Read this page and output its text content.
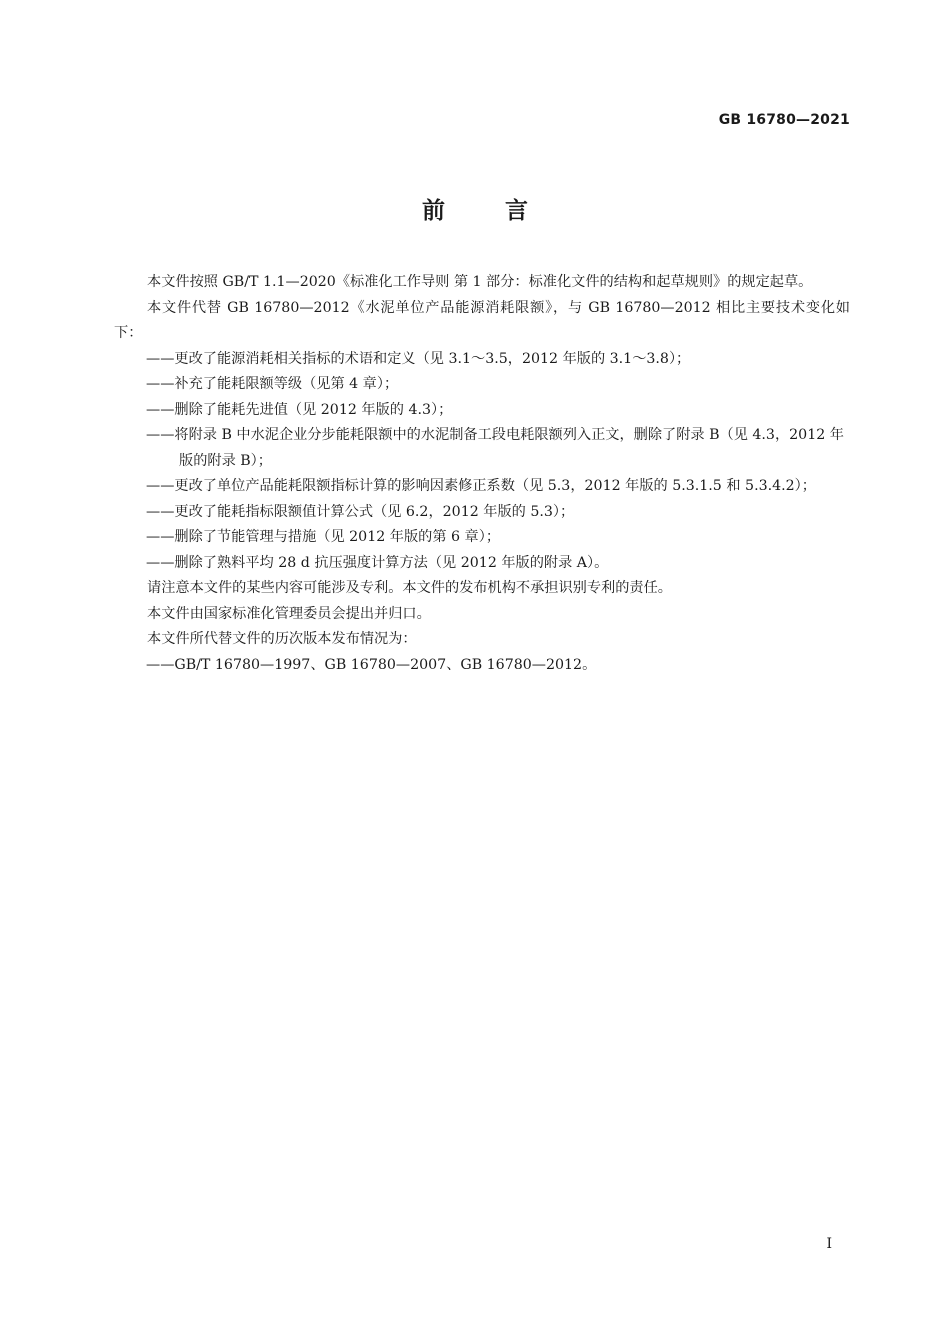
GB 16780—2021
前言

本文件按照 GB/T 1.1—2020《标准化工作导则 第 1 部分：标准化文件的结构和起草规则》的规定起草。

本文件代替 GB 16780—2012《水泥单位产品能源消耗限额》，与 GB 16780—2012 相比主要技术变化如下：

——更改了能源消耗相关指标的术语和定义（见 3.1～3.5，2012 年版的 3.1～3.8）；

——补充了能耗限额等级（见第 4 章）；

——删除了能耗先进值（见 2012 年版的 4.3）；

——将附录 B 中水泥企业分步能耗限额中的水泥制备工段电耗限额列入正文，删除了附录 B（见 4.3，2012 年版的附录 B）；

——更改了单位产品能耗限额指标计算的影响因素修正系数（见 5.3，2012 年版的 5.3.1.5 和 5.3.4.2）；

——更改了能耗指标限额值计算公式（见 6.2，2012 年版的 5.3）；

——删除了节能管理与措施（见 2012 年版的第 6 章）；

——删除了熟料平均 28 d 抗压强度计算方法（见 2012 年版的附录 A）。

请注意本文件的某些内容可能涉及专利。本文件的发布机构不承担识别专利的责任。

本文件由国家标准化管理委员会提出并归口。

本文件所代替文件的历次版本发布情况为：

——GB/T 16780—1997、GB 16780—2007、GB 16780—2012。

I
